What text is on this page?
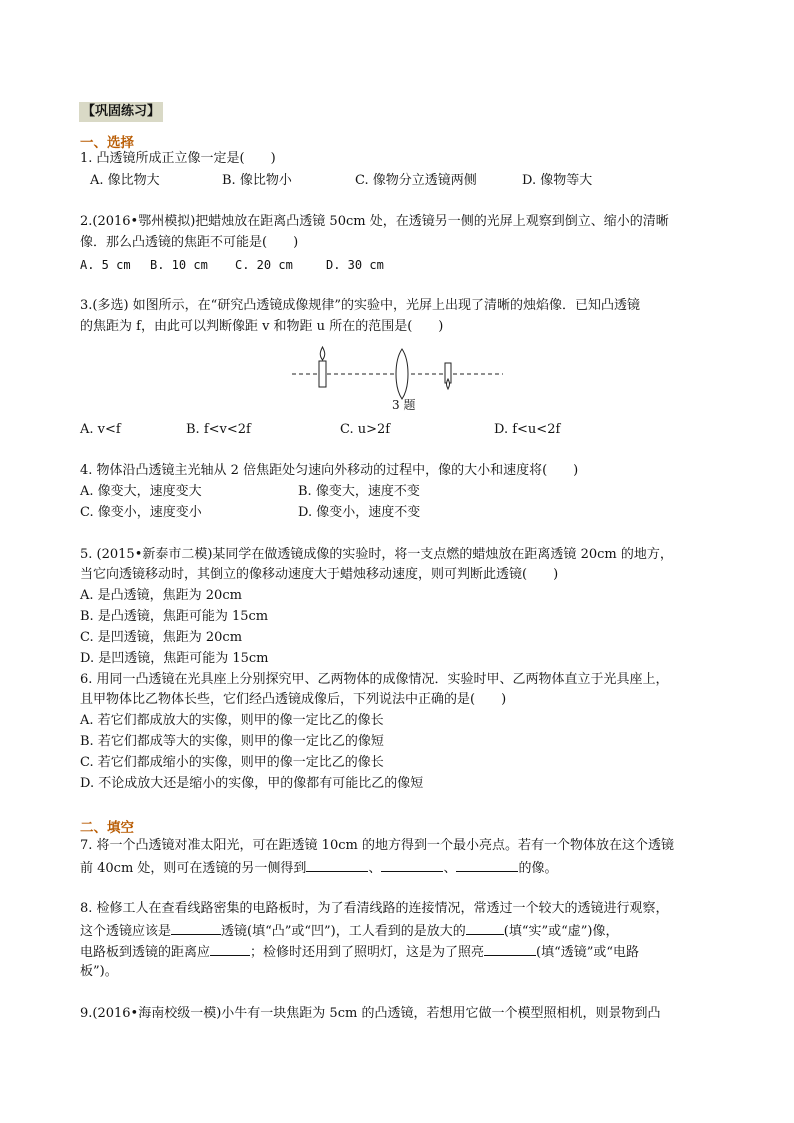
【巩固练习】
一、选择
1. 凸透镜所成正立像一定是(　　)
A. 像比物大	B. 像比物小	C. 像物分立透镜两侧	D. 像物等大
2.(2016•鄂州模拟)把蜡烛放在距离凸透镜 50cm 处，在透镜另一侧的光屏上观察到倒立、缩小的清晰
像．那么凸透镜的焦距不可能是(　　)
A. 5 cm B. 10 cm C. 20 cm	D. 30 cm
3.(多选) 如图所示，在“研究凸透镜成像规律”的实验中，光屏上出现了清晰的烛焰像．已知凸透镜
的焦距为 f，由此可以判断像距 v 和物距 u 所在的范围是(　　)
3 题
A. v<f	B. f<v<2f	C. u>2f	D. f<u<2f
4. 物体沿凸透镜主光轴从 2 倍焦距处匀速向外移动的过程中，像的大小和速度将(　　)
A. 像变大，速度变大	B. 像变大，速度不变
C. 像变小，速度变小	D. 像变小，速度不变
5. (2015•新泰市二模)某同学在做透镜成像的实验时，将一支点燃的蜡烛放在距离透镜 20cm 的地方，
当它向透镜移动时，其倒立的像移动速度大于蜡烛移动速度，则可判断此透镜(　　)
A. 是凸透镜，焦距为 20cm
B. 是凸透镜，焦距可能为 15cm
C. 是凹透镜，焦距为 20cm
D. 是凹透镜，焦距可能为 15cm
6. 用同一凸透镜在光具座上分别探究甲、乙两物体的成像情况．实验时甲、乙两物体直立于光具座上，
且甲物体比乙物体长些，它们经凸透镜成像后，下列说法中正确的是(　　)
A. 若它们都成放大的实像，则甲的像一定比乙的像长
B. 若它们都成等大的实像，则甲的像一定比乙的像短
C. 若它们都成缩小的实像，则甲的像一定比乙的像长
D. 不论成放大还是缩小的实像，甲的像都有可能比乙的像短
二、填空
7. 将一个凸透镜对准太阳光，可在距透镜 10cm 的地方得到一个最小亮点。若有一个物体放在这个透镜
前 40cm 处，则可在透镜的另一侧得到	、	、	的像。
8. 检修工人在查看线路密集的电路板时，为了看清线路的连接情况，常透过一个较大的透镜进行观察，
这个透镜应该是	透镜(填“凸”或“凹”)，工人看到的是放大的	(填“实”或“虚”)像，
电路板到透镜的距离应	；检修时还用到了照明灯，这是为了照亮	(填“透镜”或“电路
板”)。
9.(2016•海南校级一模)小牛有一块焦距为 5cm 的凸透镜，若想用它做一个模型照相机，则景物到凸
